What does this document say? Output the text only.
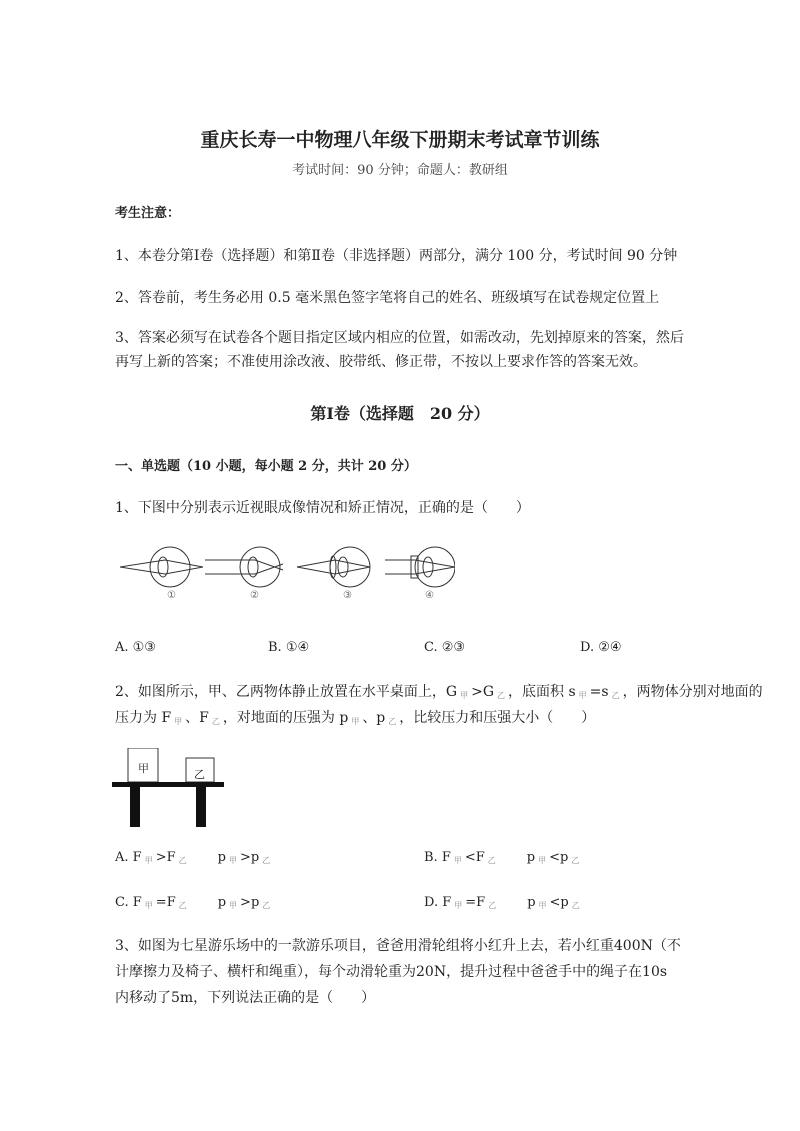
重庆长寿一中物理八年级下册期末考试章节训练
考试时间：90 分钟；命题人：教研组
考生注意：
1、本卷分第Ⅰ卷（选择题）和第Ⅱ卷（非选择题）两部分，满分 100 分，考试时间 90 分钟
2、答卷前，考生务必用 0.5 毫米黑色签字笔将自己的姓名、班级填写在试卷规定位置上
3、答案必须写在试卷各个题目指定区域内相应的位置，如需改动，先划掉原来的答案，然后再写上新的答案；不准使用涂改液、胶带纸、修正带，不按以上要求作答的答案无效。
第Ⅰ卷（选择题　20 分）
一、单选题（10 小题，每小题 2 分，共计 20 分）
1、下图中分别表示近视眼成像情况和矫正情况，正确的是（　　）
①	②	③	④
A. ①③	B. ①④	C. ②③	D. ②④
2、如图所示，甲、乙两物体静止放置在水平桌面上，G 甲 >G 乙 ，底面积 s 甲 =s 乙 ，两物体分别对地面的
压力为 F 甲 、F 乙 ，对地面的压强为 p 甲 、p 乙 ，比较压力和压强大小（　　）
甲	乙
A. F 甲 >F 乙 p 甲 >p 乙	B. F 甲 <F 乙 p 甲 <p 乙
C. F 甲 =F 乙 p 甲 >p 乙	D. F 甲 =F 乙 p 甲 <p 乙
3、如图为七星游乐场中的一款游乐项目，爸爸用滑轮组将小红升上去，若小红重400N（不计摩擦力及椅子、横杆和绳重），每个动滑轮重为20N，提升过程中爸爸手中的绳子在10s 内移动了5m，下列说法正确的是（　　）
